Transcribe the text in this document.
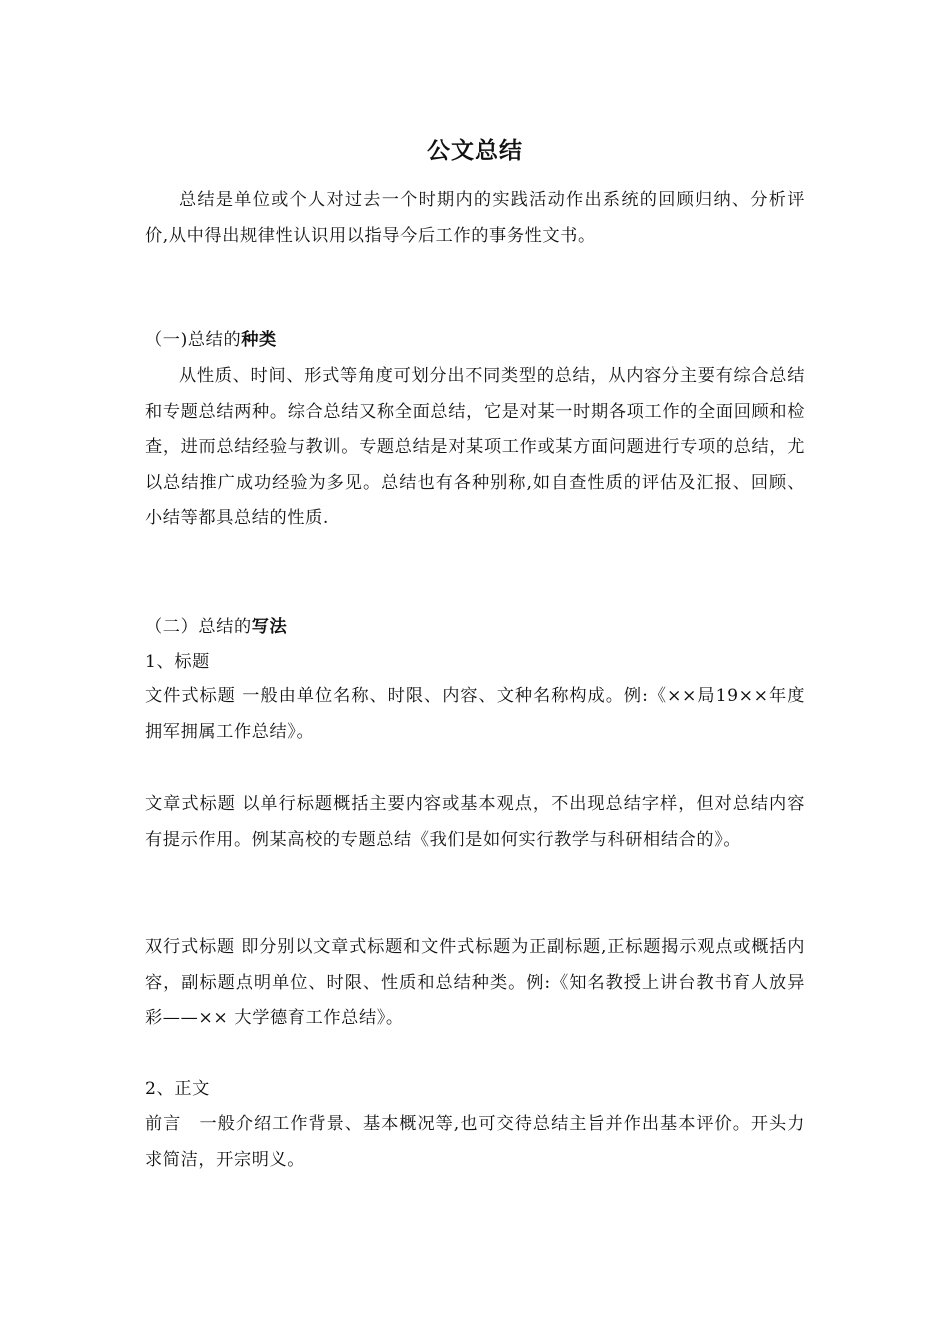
公文总结
总结是单位或个人对过去一个时期内的实践活动作出系统的回顾归纳、分析评价,从中得出规律性认识用以指导今后工作的事务性文书。
（一)总结的种类
从性质、时间、形式等角度可划分出不同类型的总结，从内容分主要有综合总结和专题总结两种。综合总结又称全面总结，它是对某一时期各项工作的全面回顾和检查，进而总结经验与教训。专题总结是对某项工作或某方面问题进行专项的总结，尤以总结推广成功经验为多见。总结也有各种别称,如自查性质的评估及汇报、回顾、小结等都具总结的性质.
（二）总结的写法
1、标题
文件式标题 一般由单位名称、时限、内容、文种名称构成。例:《××局19××年度拥军拥属工作总结》。
文章式标题 以单行标题概括主要内容或基本观点，不出现总结字样，但对总结内容有提示作用。例某高校的专题总结《我们是如何实行教学与科研相结合的》。
双行式标题 即分别以文章式标题和文件式标题为正副标题,正标题揭示观点或概括内容，副标题点明单位、时限、性质和总结种类。例:《知名教授上讲台教书育人放异彩——×× 大学德育工作总结》。
2、正文
前言　一般介绍工作背景、基本概况等,也可交待总结主旨并作出基本评价。开头力求简洁，开宗明义。
